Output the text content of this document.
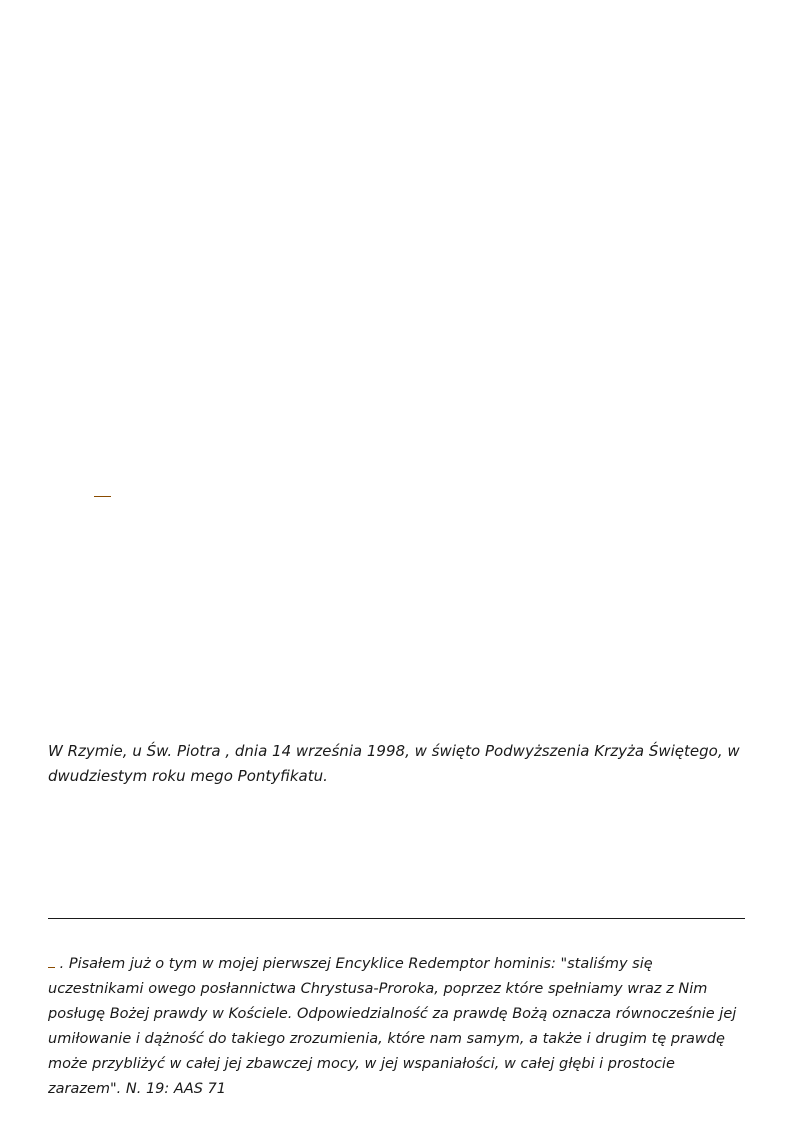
W Rzymie, u Św. Piotra , dnia 14 września 1998, w święto Podwyższenia Krzyża Świętego, w dwudziestym roku mego Pontyfikatu.

. Pisałem już o tym w mojej pierwszej Encyklice Redemptor hominis: "staliśmy się uczestnikami owego posłannictwa Chrystusa-Proroka, poprzez które spełniamy wraz z Nim posługę Bożej prawdy w Kościele. Odpowiedzialność za prawdę Bożą oznacza równocześnie jej umiłowanie i dążność do takiego zrozumienia, które nam samym, a także i drugim tę prawdę może przybliżyć w całej jej zbawczej mocy, w jej wspaniałości, w całej głębi i prostocie zarazem". N. 19: AAS 71
